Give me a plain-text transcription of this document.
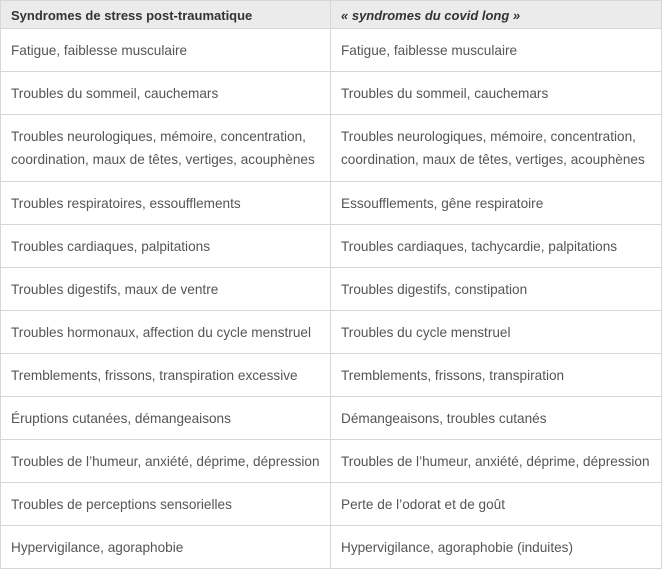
Syndromes de stress post-traumatique	« syndromes du covid long »
Fatigue, faiblesse musculaire	Fatigue, faiblesse musculaire
Troubles du sommeil, cauchemars	Troubles du sommeil, cauchemars
Troubles neurologiques, mémoire, concentration, coordination, maux de têtes, vertiges, acouphènes	Troubles neurologiques, mémoire, concentration, coordination, maux de têtes, vertiges, acouphènes
Troubles respiratoires, essoufflements	Essoufflements, gêne respiratoire
Troubles cardiaques, palpitations	Troubles cardiaques, tachycardie, palpitations
Troubles digestifs, maux de ventre	Troubles digestifs, constipation
Troubles hormonaux, affection du cycle menstruel	Troubles du cycle menstruel
Tremblements, frissons, transpiration excessive	Tremblements, frissons, transpiration
Éruptions cutanées, démangeaisons	Démangeaisons, troubles cutanés
Troubles de l’humeur, anxiété, déprime, dépression	Troubles de l’humeur, anxiété, déprime, dépression
Troubles de perceptions sensorielles	Perte de l’odorat et de goût
Hypervigilance, agoraphobie	Hypervigilance, agoraphobie (induites)
